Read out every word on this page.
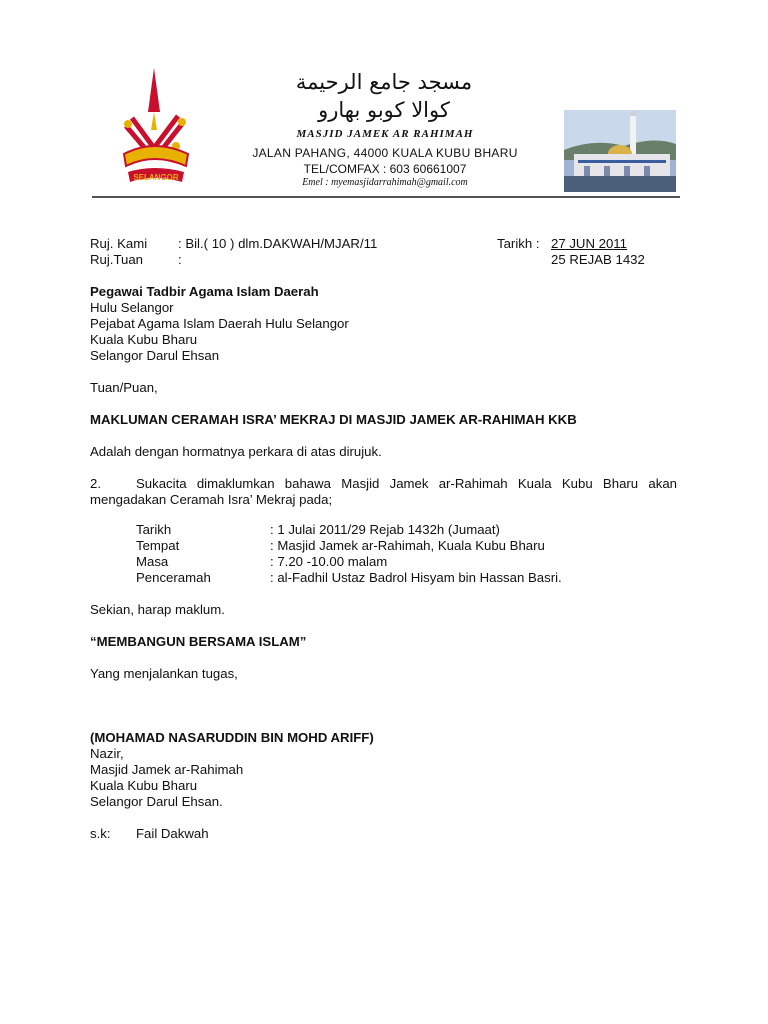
SELANGOR
مسجد جامع الرحيمة
كوالا كوبو بهارو
MASJID JAMEK AR RAHIMAH
JALAN PAHANG, 44000 KUALA KUBU BHARU
TEL/COMFAX : 603 60661007
Emel : myemasjidarrahimah@gmail.com
Ruj. Kami : Bil.( 10 ) dlm.DAKWAH/MJAR/11
Ruj.Tuan	:
Tarikh : 27 JUN 2011
25 REJAB 1432
Pegawai Tadbir Agama Islam Daerah
Hulu Selangor
Pejabat Agama Islam Daerah Hulu Selangor
Kuala Kubu Bharu
Selangor Darul Ehsan
Tuan/Puan,
MAKLUMAN CERAMAH ISRA’ MEKRAJ DI MASJID JAMEK AR-RAHIMAH KKB
Adalah dengan hormatnya perkara di atas dirujuk.
2.	Sukacita dimaklumkan bahawa Masjid Jamek ar-Rahimah Kuala Kubu Bharu akan
mengadakan Ceramah Isra’ Mekraj pada;
Tarikh	: 1 Julai 2011/29 Rejab 1432h (Jumaat)
Tempat	: Masjid Jamek ar-Rahimah, Kuala Kubu Bharu
Masa	: 7.20 -10.00 malam
Penceramah	: al-Fadhil Ustaz Badrol Hisyam bin Hassan Basri.
Sekian, harap maklum.
“MEMBANGUN BERSAMA ISLAM”
Yang menjalankan tugas,
(MOHAMAD NASARUDDIN BIN MOHD ARIFF)
Nazir,
Masjid Jamek ar-Rahimah
Kuala Kubu Bharu
Selangor Darul Ehsan.
s.k: Fail Dakwah
